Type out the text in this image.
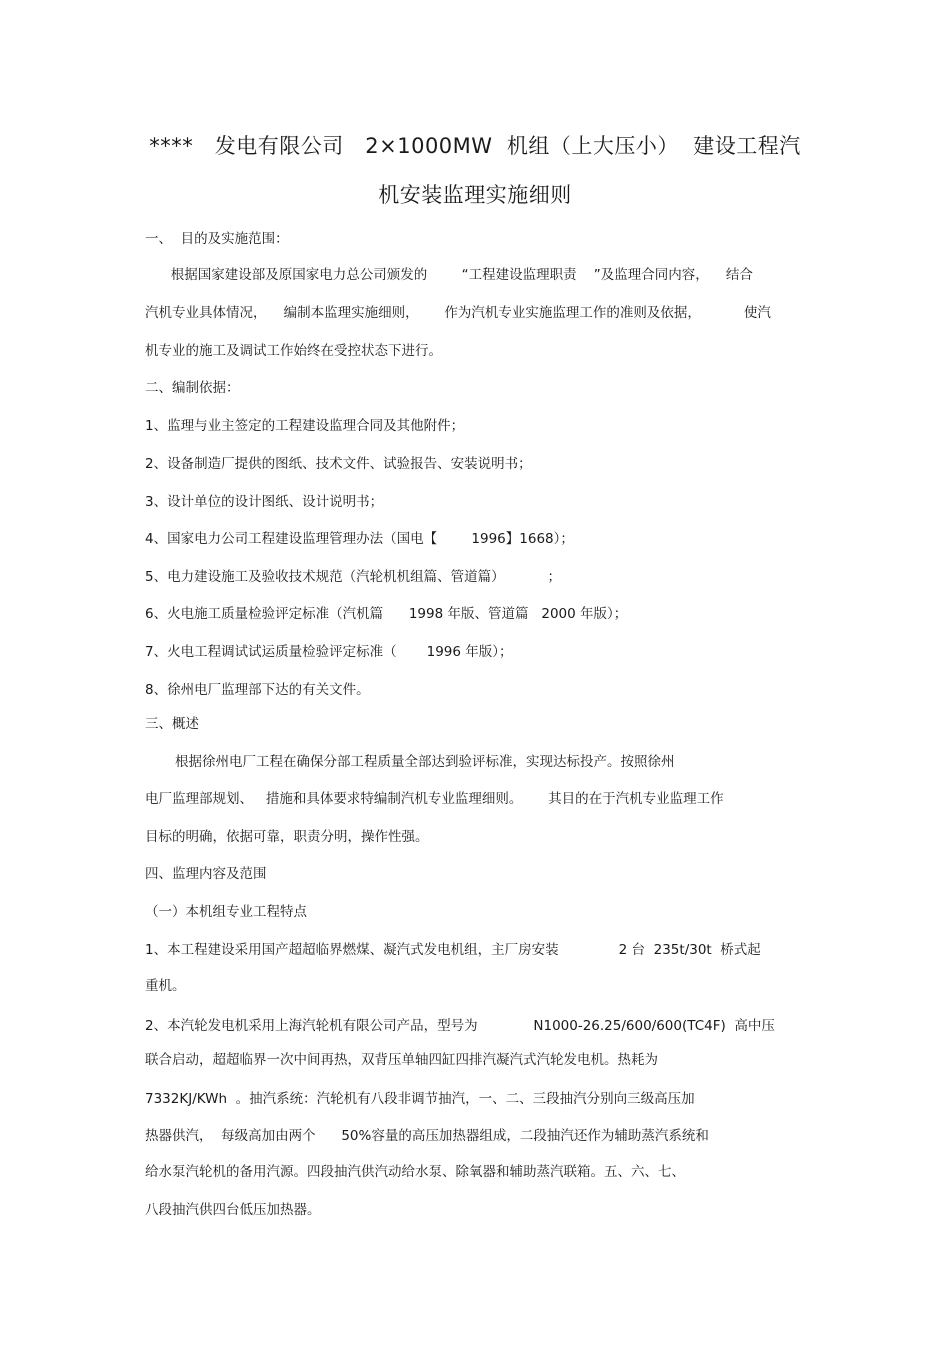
****   发电有限公司   2×1000MW  机组（上大压小）  建设工程汽
机安装监理实施细则
一、  目的及实施范围：
根据国家建设部及原国家电力总公司颁发的        “工程建设监理职责    ”及监理合同内容，    结合
汽机专业具体情况，    编制本监理实施细则，      作为汽机专业实施监理工作的准则及依据，          使汽
机专业的施工及调试工作始终在受控状态下进行。
二、编制依据：
1、监理与业主签定的工程建设监理合同及其他附件；
2、设备制造厂提供的图纸、技术文件、试验报告、安装说明书；
3、设计单位的设计图纸、设计说明书；
4、国家电力公司工程建设监理管理办法（国电【        1996】1668）；
5、电力建设施工及验收技术规范（汽轮机机组篇、管道篇）          ；
6、火电施工质量检验评定标准（汽机篇      1998 年版、管道篇   2000 年版）；
7、火电工程调试试运质量检验评定标准（       1996 年版）；
8、徐州电厂监理部下达的有关文件。
三、概述
根据徐州电厂工程在确保分部工程质量全部达到验评标准，实现达标投产。按照徐州
电厂监理部规划、   措施和具体要求特编制汽机专业监理细则。      其目的在于汽机专业监理工作
目标的明确，依据可靠，职责分明，操作性强。
四、监理内容及范围
（一）本机组专业工程特点
1、本工程建设采用国产超超临界燃煤、凝汽式发电机组，主厂房安装              2 台  235t/30t  桥式起
重机。
2、本汽轮发电机采用上海汽轮机有限公司产品，型号为             N1000-26.25/600/600(TC4F)  高中压
联合启动，超超临界一次中间再热，双背压单轴四缸四排汽凝汽式汽轮发电机。热耗为
7332KJ/KWh  。抽汽系统：汽轮机有八段非调节抽汽，一、二、三段抽汽分别向三级高压加
热器供汽，  每级高加由两个      50%容量的高压加热器组成，二段抽汽还作为辅助蒸汽系统和
给水泵汽轮机的备用汽源。四段抽汽供汽动给水泵、除氧器和辅助蒸汽联箱。五、六、七、
八段抽汽供四台低压加热器。
